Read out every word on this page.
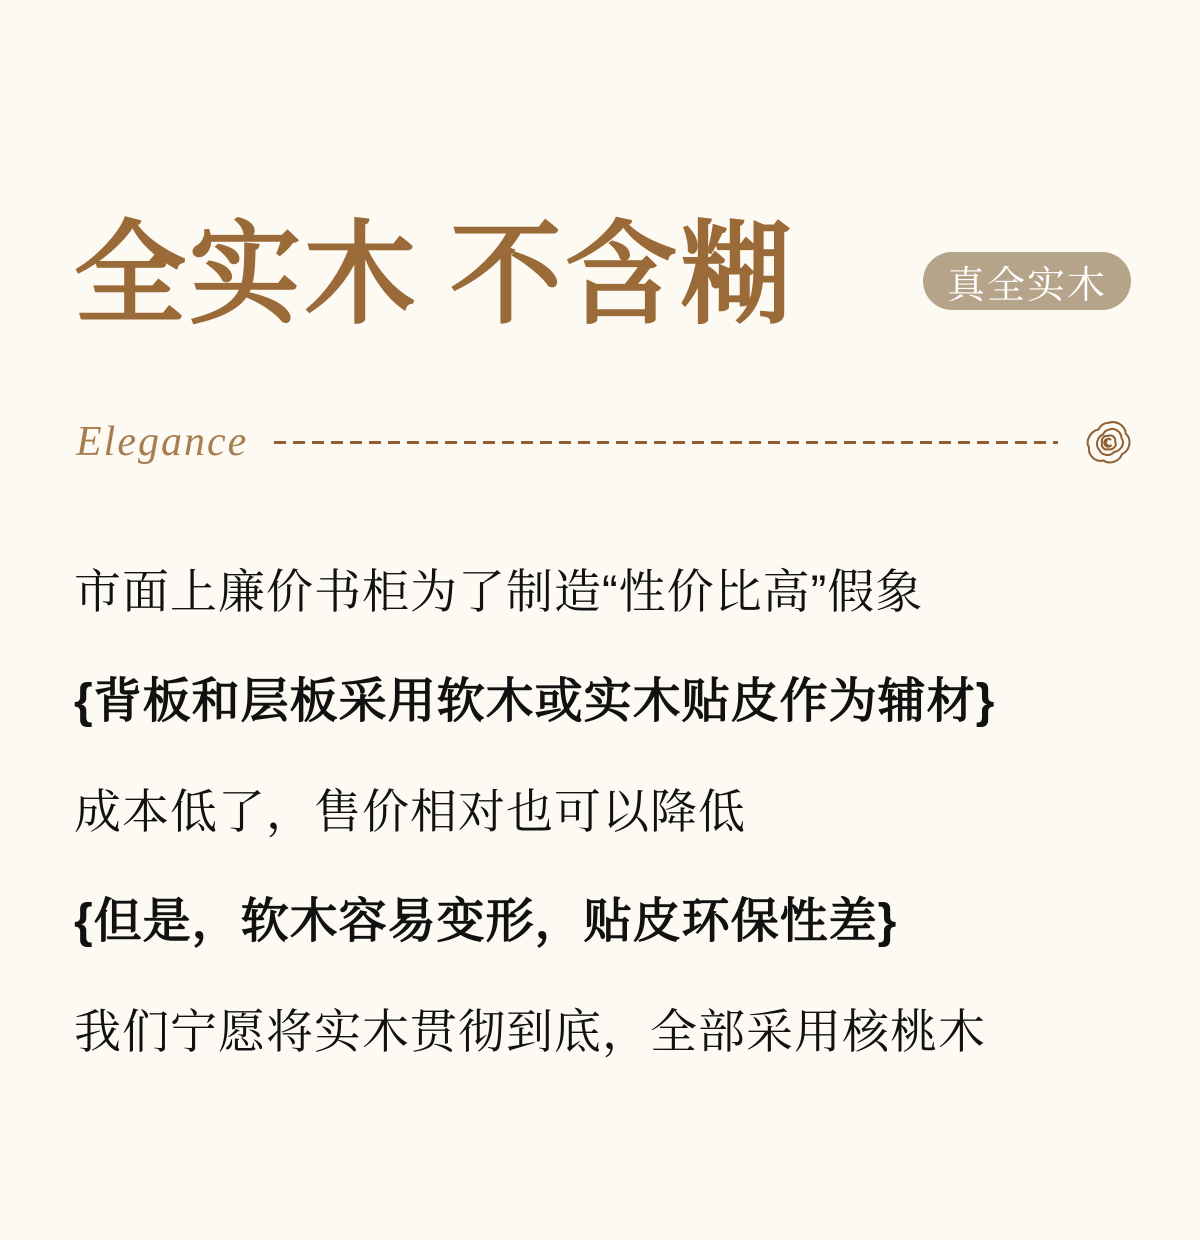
全实木 不含糊	真全实木
Elegance

市面上廉价书柜为了制造“性价比高”假象

{背板和层板采用软木或实木贴皮作为辅材}

成本低了，售价相对也可以降低

{但是，软木容易变形，贴皮环保性差}

我们宁愿将实木贯彻到底，全部采用核桃木
